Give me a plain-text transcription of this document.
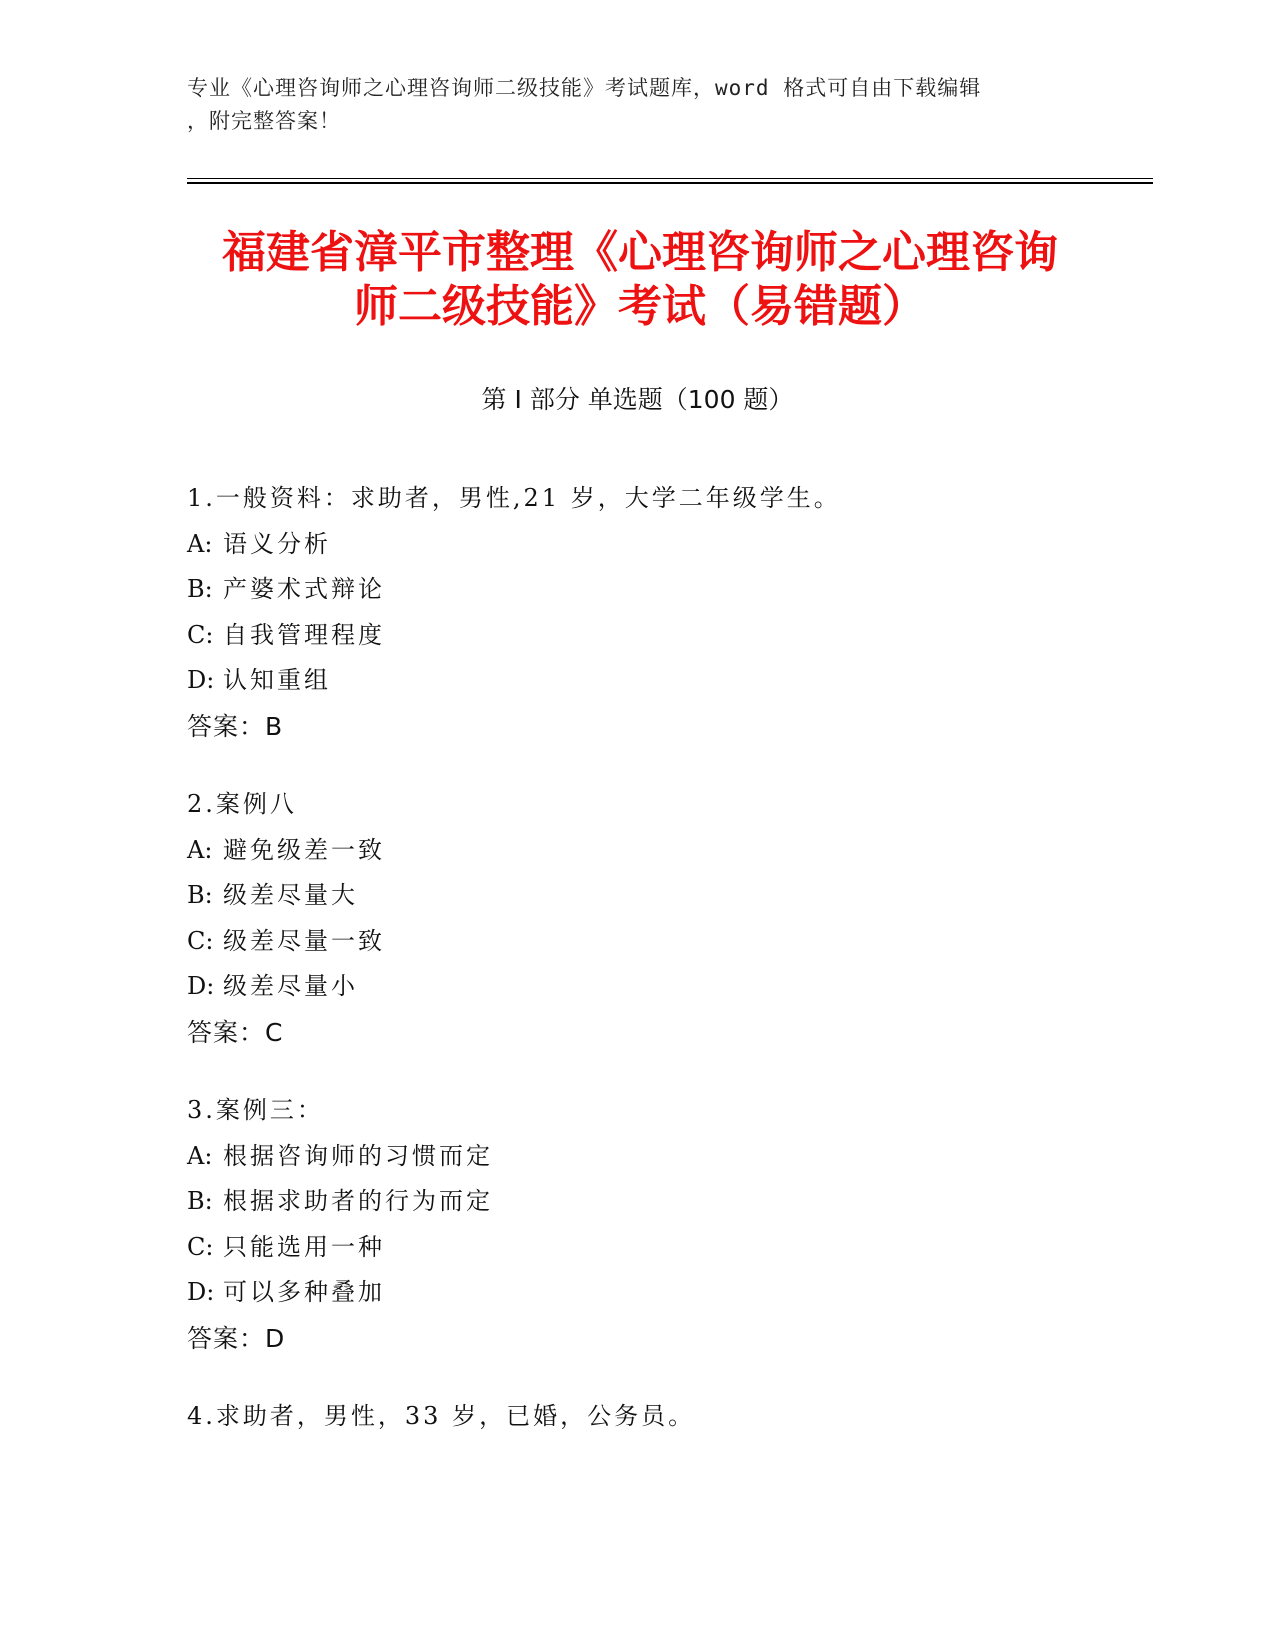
专业《心理咨询师之心理咨询师二级技能》考试题库，word 格式可自由下载编辑
，附完整答案！
福建省漳平市整理《心理咨询师之心理咨询
师二级技能》考试（易错题）
第 I 部分 单选题（100 题）
1.一般资料：求助者，男性,21 岁，大学二年级学生。
A: 语义分析
B: 产婆术式辩论
C: 自我管理程度
D: 认知重组
答案：B
2.案例八
A: 避免级差一致
B: 级差尽量大
C: 级差尽量一致
D: 级差尽量小
答案：C
3.案例三：
A: 根据咨询师的习惯而定
B: 根据求助者的行为而定
C: 只能选用一种
D: 可以多种叠加
答案：D
4.求助者，男性，33 岁，已婚，公务员。
